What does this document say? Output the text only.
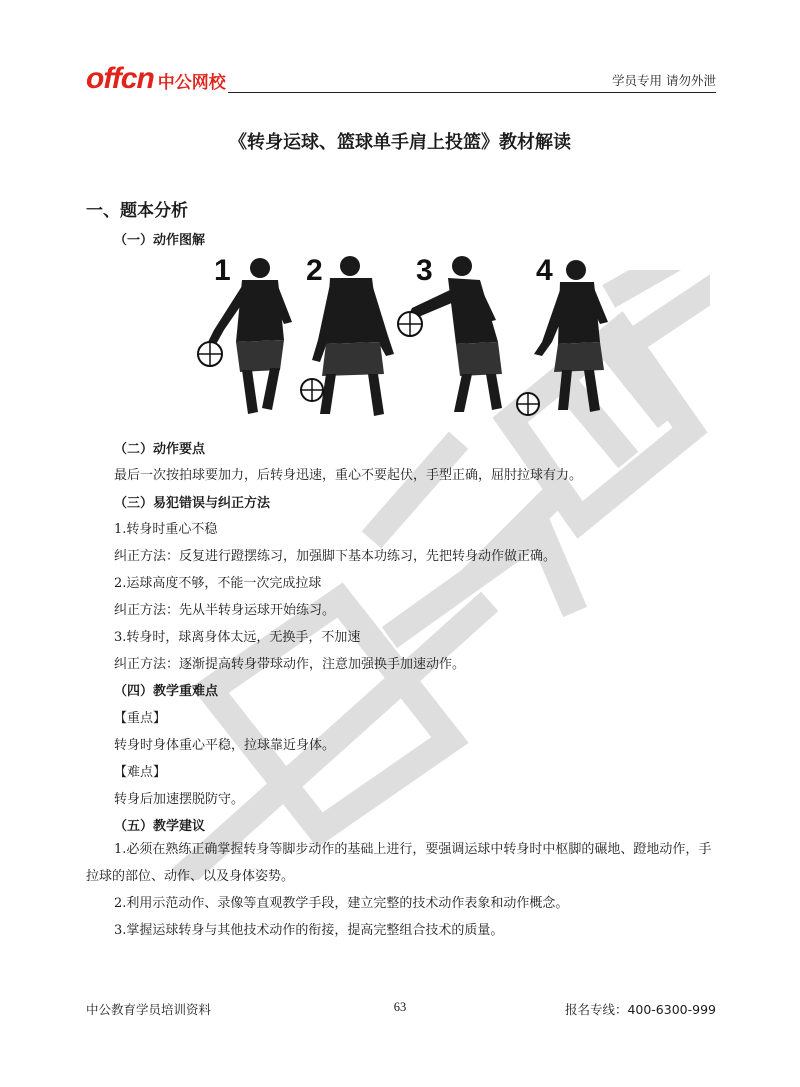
offcn 中公网校	学员专用 请勿外泄
《转身运球、篮球单手肩上投篮》教材解读
一、题本分析
（一）动作图解
1	2	3	4
（二）动作要点
最后一次按拍球要加力，后转身迅速，重心不要起伏，手型正确，屈肘拉球有力。
（三）易犯错误与纠正方法
1.转身时重心不稳
纠正方法：反复进行蹬摆练习，加强脚下基本功练习，先把转身动作做正确。
2.运球高度不够，不能一次完成拉球
纠正方法：先从半转身运球开始练习。
3.转身时，球离身体太远，无换手，不加速
纠正方法：逐渐提高转身带球动作，注意加强换手加速动作。
（四）教学重难点
【重点】
转身时身体重心平稳，拉球靠近身体。
【难点】
转身后加速摆脱防守。
（五）教学建议
1.必须在熟练正确掌握转身等脚步动作的基础上进行，要强调运球中转身时中枢脚的碾地、蹬地动作，手拉球的部位、动作、以及身体姿势。
2.利用示范动作、录像等直观教学手段，建立完整的技术动作表象和动作概念。
3.掌握运球转身与其他技术动作的衔接，提高完整组合技术的质量。
中公教育学员培训资料	63	报名专线：400-6300-999
